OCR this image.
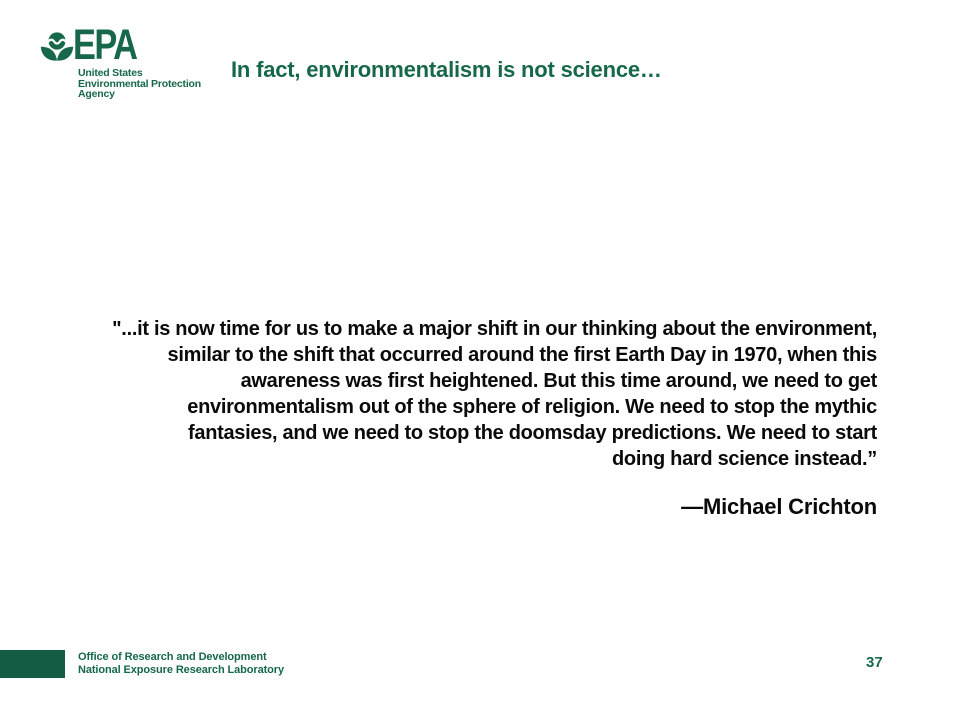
EPA
United States
Environmental Protection
Agency
In fact, environmentalism is not science…
"...it is now time for us to make a major shift in our thinking about the environment,
similar to the shift that occurred around the first Earth Day in 1970, when this
awareness was first heightened. But this time around, we need to get
environmentalism out of the sphere of religion. We need to stop the mythic
fantasies, and we need to stop the doomsday predictions. We need to start
doing hard science instead.”
—Michael Crichton
Office of Research and Development
National Exposure Research Laboratory	37
